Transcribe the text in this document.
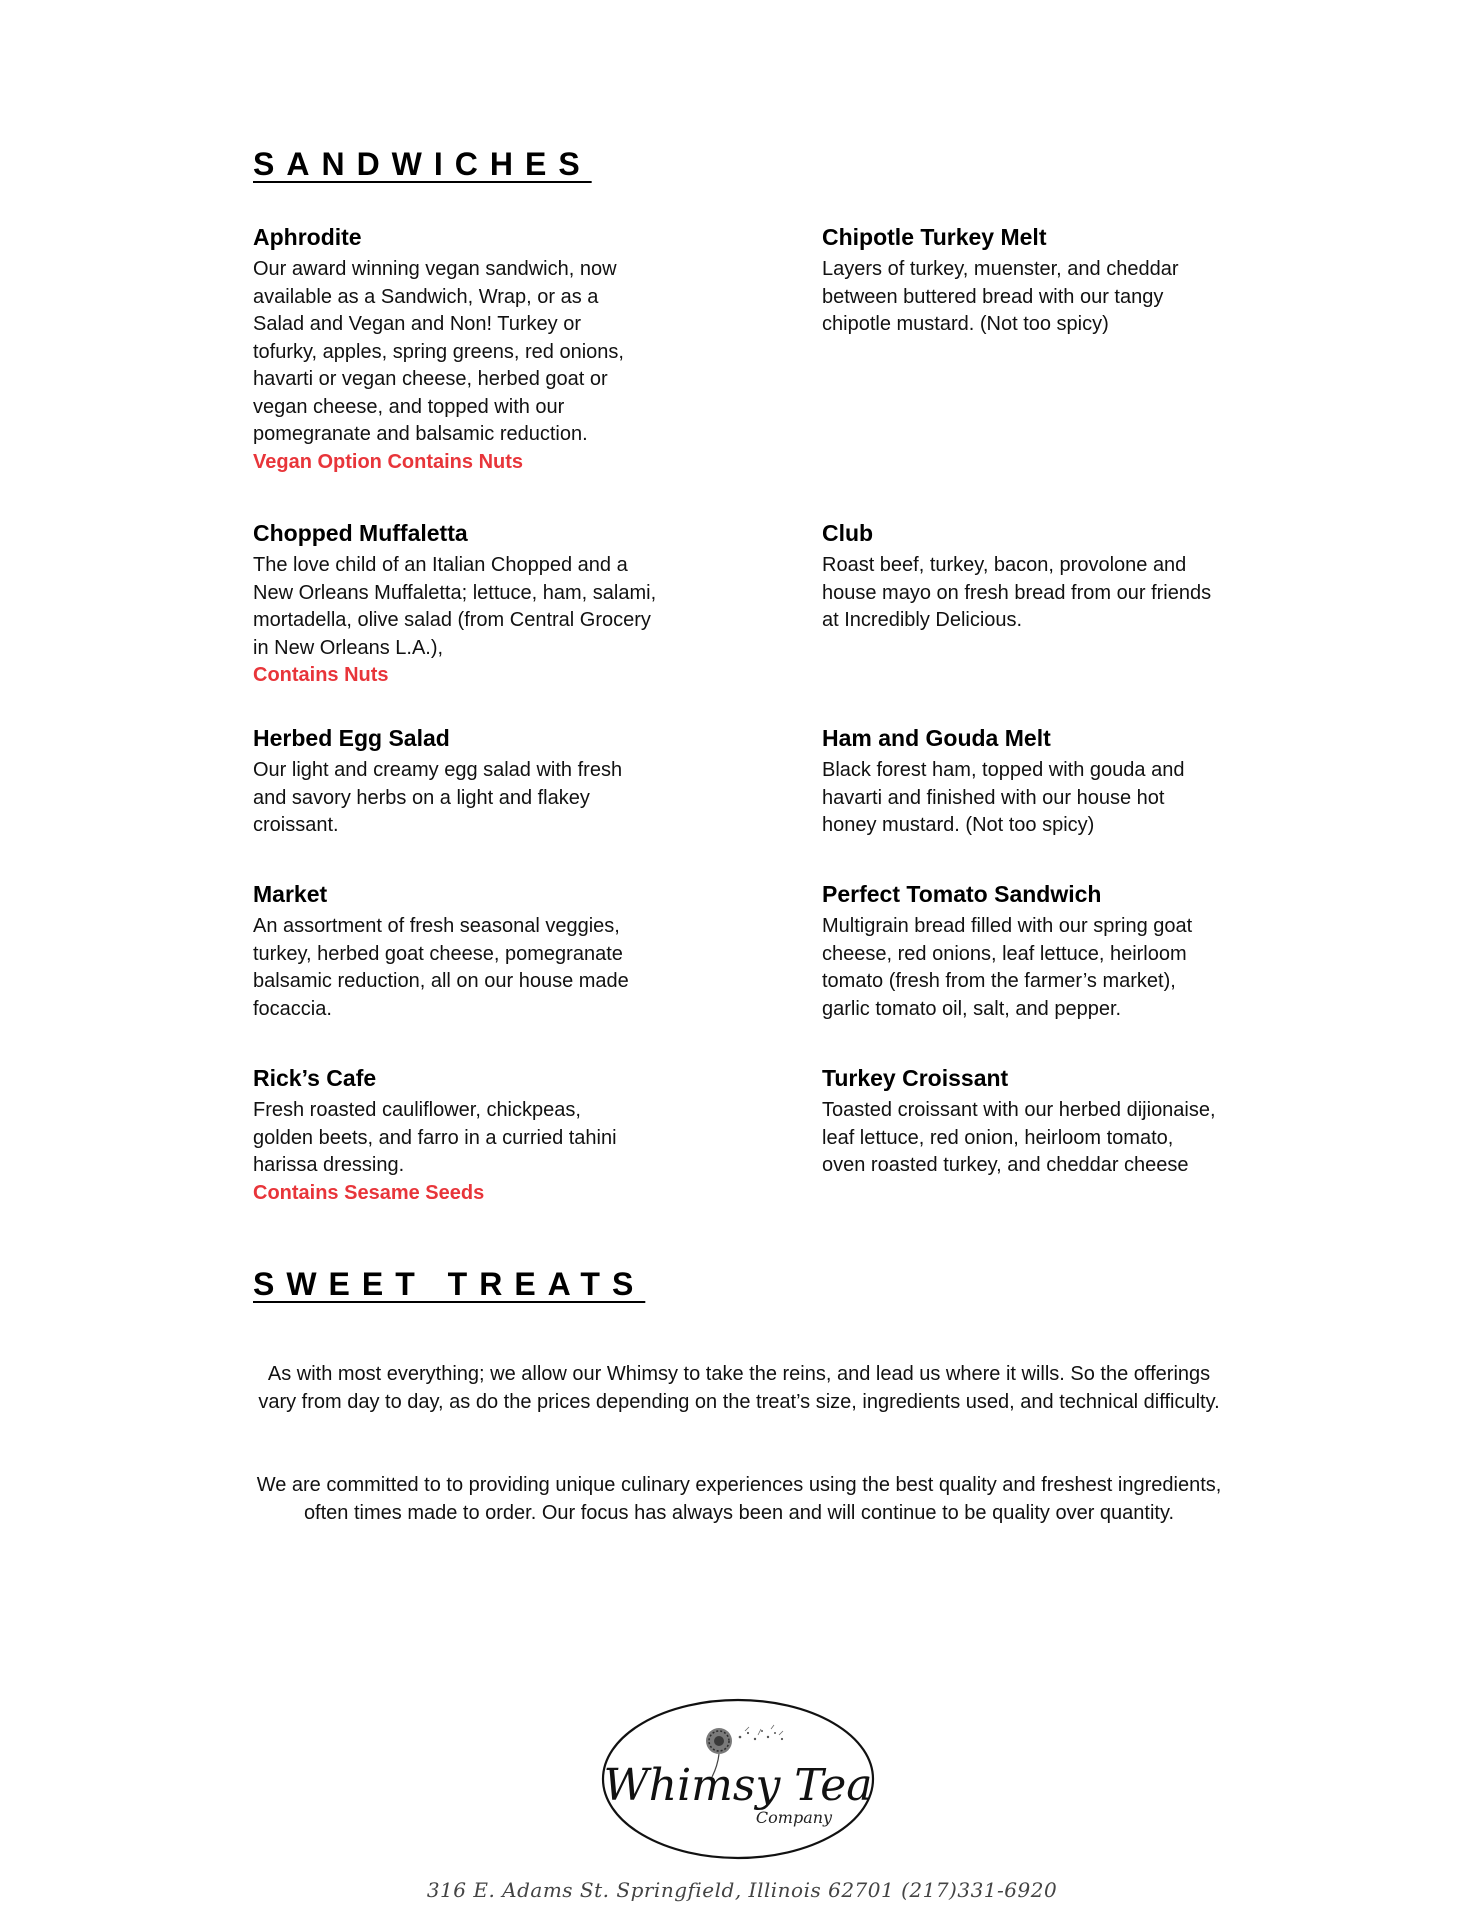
SANDWICHES

Aphrodite

Our award winning vegan sandwich, now available as a Sandwich, Wrap, or as a Salad and Vegan and Non! Turkey or tofurky, apples, spring greens, red onions, havarti or vegan cheese, herbed goat or vegan cheese, and topped with our pomegranate and balsamic reduction.

Vegan Option Contains Nuts

Chipotle Turkey Melt

Layers of turkey, muenster, and cheddar between buttered bread with our tangy chipotle mustard. (Not too spicy)

Chopped Muffaletta

The love child of an Italian Chopped and a New Orleans Muffaletta; lettuce, ham, salami, mortadella, olive salad (from Central Grocery in New Orleans L.A.),

Contains Nuts

Club

Roast beef, turkey, bacon, provolone and house mayo on fresh bread from our friends at Incredibly Delicious.

Herbed Egg Salad

Our light and creamy egg salad with fresh and savory herbs on a light and flakey croissant.

Ham and Gouda Melt

Black forest ham, topped with gouda and havarti and finished with our house hot honey mustard. (Not too spicy)

Market

An assortment of fresh seasonal veggies, turkey, herbed goat cheese, pomegranate balsamic reduction, all on our house made focaccia.

Perfect Tomato Sandwich

Multigrain bread filled with our spring goat cheese, red onions, leaf lettuce, heirloom tomato (fresh from the farmer’s market), garlic tomato oil, salt, and pepper.

Rick’s Cafe

Fresh roasted cauliflower, chickpeas, golden beets, and farro in a curried tahini harissa dressing.

Contains Sesame Seeds

Turkey Croissant

Toasted croissant with our herbed dijionaise, leaf lettuce, red onion, heirloom tomato, oven roasted turkey, and cheddar cheese

SWEET TREATS

As with most everything; we allow our Whimsy to take the reins, and lead us where it wills. So the offerings vary from day to day, as do the prices depending on the treat’s size, ingredients used, and technical difficulty.

We are committed to to providing unique culinary experiences using the best quality and freshest ingredients, often times made to order. Our focus has always been and will continue to be quality over quantity.

Whimsy Tea
Company

316 E. Adams St. Springfield, Illinois 62701 (217)331-6920
